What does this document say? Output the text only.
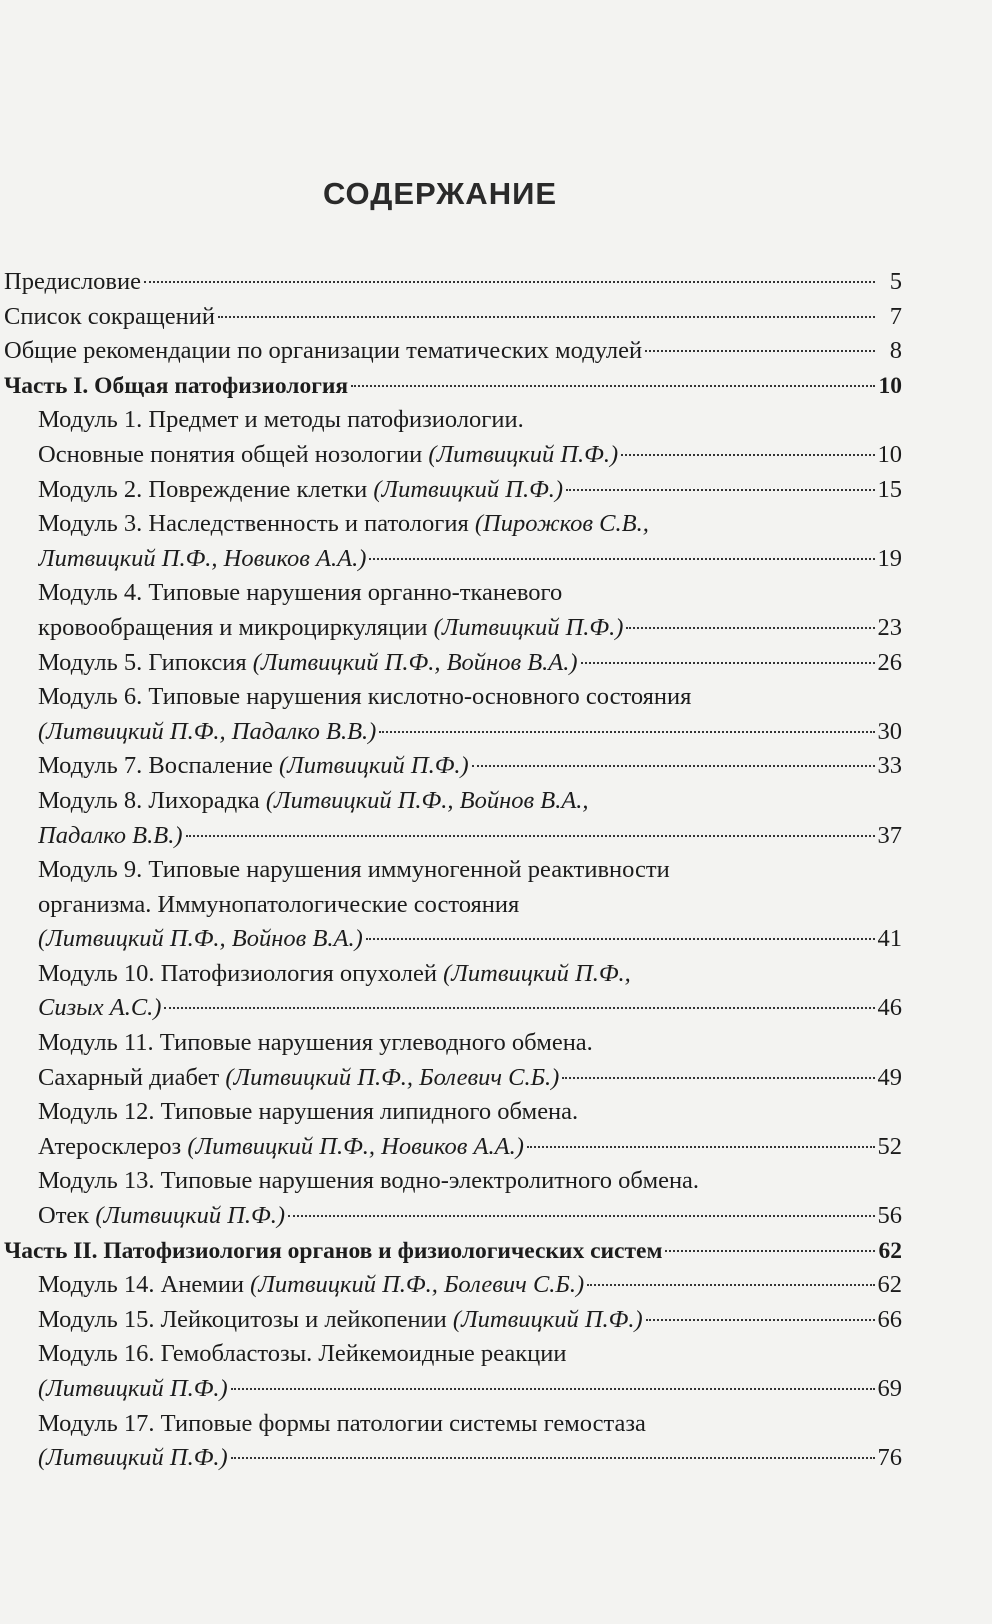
СОДЕРЖАНИЕ
Предисловие	5
Список сокращений	7
Общие рекомендации по организации тематических модулей	8
Часть I. Общая патофизиология	10
Модуль 1. Предмет и методы патофизиологии.
Основные понятия общей нозологии (Литвицкий П.Ф.)	10
Модуль 2. Повреждение клетки (Литвицкий П.Ф.)	15
Модуль 3. Наследственность и патология (Пирожков С.В.,
Литвицкий П.Ф., Новиков А.А.)	19
Модуль 4. Типовые нарушения органно-тканевого
кровообращения и микроциркуляции (Литвицкий П.Ф.)	23
Модуль 5. Гипоксия (Литвицкий П.Ф., Войнов В.А.)	26
Модуль 6. Типовые нарушения кислотно-основного состояния
(Литвицкий П.Ф., Падалко В.В.)	30
Модуль 7. Воспаление (Литвицкий П.Ф.)	33
Модуль 8. Лихорадка (Литвицкий П.Ф., Войнов В.А.,
Падалко В.В.)	37
Модуль 9. Типовые нарушения иммуногенной реактивности
организма. Иммунопатологические состояния
(Литвицкий П.Ф., Войнов В.А.)	41
Модуль 10. Патофизиология опухолей (Литвицкий П.Ф.,
Сизых А.С.)	46
Модуль 11. Типовые нарушения углеводного обмена.
Сахарный диабет (Литвицкий П.Ф., Болевич С.Б.)	49
Модуль 12. Типовые нарушения липидного обмена.
Атеросклероз (Литвицкий П.Ф., Новиков А.А.)	52
Модуль 13. Типовые нарушения водно-электролитного обмена.
Отек (Литвицкий П.Ф.)	56
Часть II. Патофизиология органов и физиологических систем	62
Модуль 14. Анемии (Литвицкий П.Ф., Болевич С.Б.)	62
Модуль 15. Лейкоцитозы и лейкопении (Литвицкий П.Ф.)	66
Модуль 16. Гемобластозы. Лейкемоидные реакции
(Литвицкий П.Ф.)	69
Модуль 17. Типовые формы патологии системы гемостаза
(Литвицкий П.Ф.)	76
